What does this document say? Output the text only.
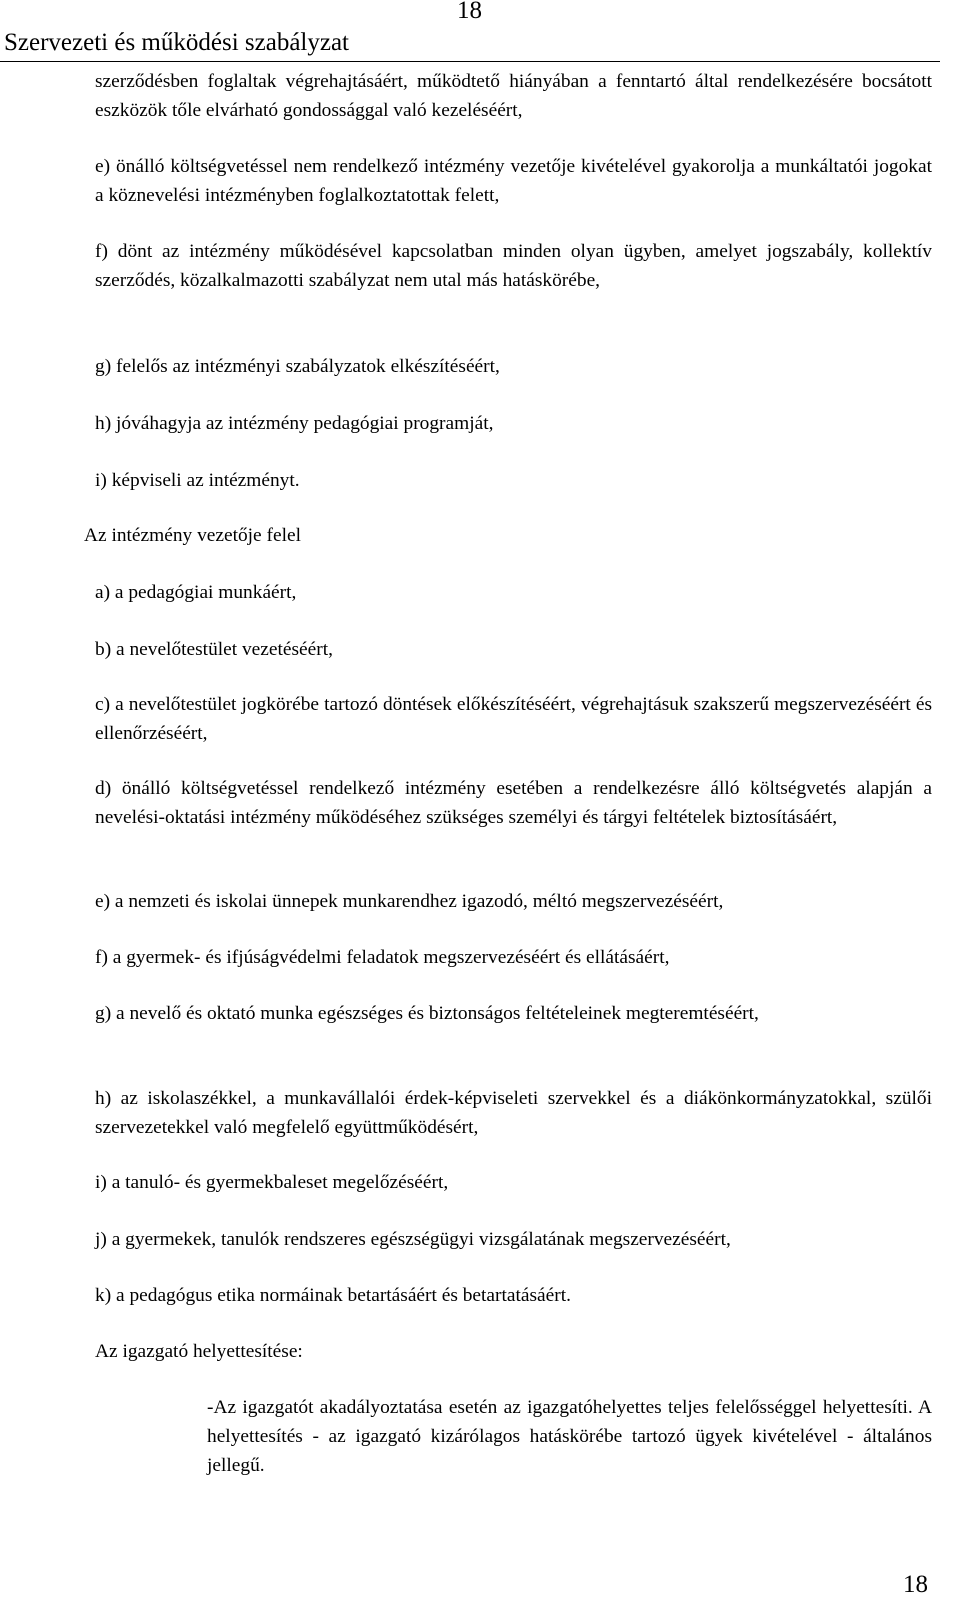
18
Szervezeti és működési szabályzat

szerződésben foglaltak végrehajtásáért, működtető hiányában a fenntartó által rendelkezésére bocsátott eszközök tőle elvárható gondossággal való kezeléséért,

e) önálló költségvetéssel nem rendelkező intézmény vezetője kivételével gyakorolja a munkáltatói jogokat a köznevelési intézményben foglalkoztatottak felett,

f) dönt az intézmény működésével kapcsolatban minden olyan ügyben, amelyet jogszabály, kollektív szerződés, közalkalmazotti szabályzat nem utal más hatáskörébe,

g) felelős az intézményi szabályzatok elkészítéséért,

h) jóváhagyja az intézmény pedagógiai programját,

i) képviseli az intézményt.

Az intézmény vezetője felel

a) a pedagógiai munkáért,

b) a nevelőtestület vezetéséért,

c) a nevelőtestület jogkörébe tartozó döntések előkészítéséért, végrehajtásuk szakszerű megszervezéséért és ellenőrzéséért,

d) önálló költségvetéssel rendelkező intézmény esetében a rendelkezésre álló költségvetés alapján a nevelési-oktatási intézmény működéséhez szükséges személyi és tárgyi feltételek biztosításáért,

e) a nemzeti és iskolai ünnepek munkarendhez igazodó, méltó megszervezéséért,

f) a gyermek- és ifjúságvédelmi feladatok megszervezéséért és ellátásáért,

g) a nevelő és oktató munka egészséges és biztonságos feltételeinek megteremtéséért,

h) az iskolaszékkel, a munkavállalói érdek-képviseleti szervekkel és a diákönkormányzatokkal, szülői szervezetekkel való megfelelő együttműködésért,

i) a tanuló- és gyermekbaleset megelőzéséért,

j) a gyermekek, tanulók rendszeres egészségügyi vizsgálatának megszervezéséért,

k) a pedagógus etika normáinak betartásáért és betartatásáért.

Az igazgató helyettesítése:

-Az igazgatót akadályoztatása esetén az igazgatóhelyettes teljes felelősséggel helyettesíti. A helyettesítés - az igazgató kizárólagos hatáskörébe tartozó ügyek kivételével - általános jellegű.

18
